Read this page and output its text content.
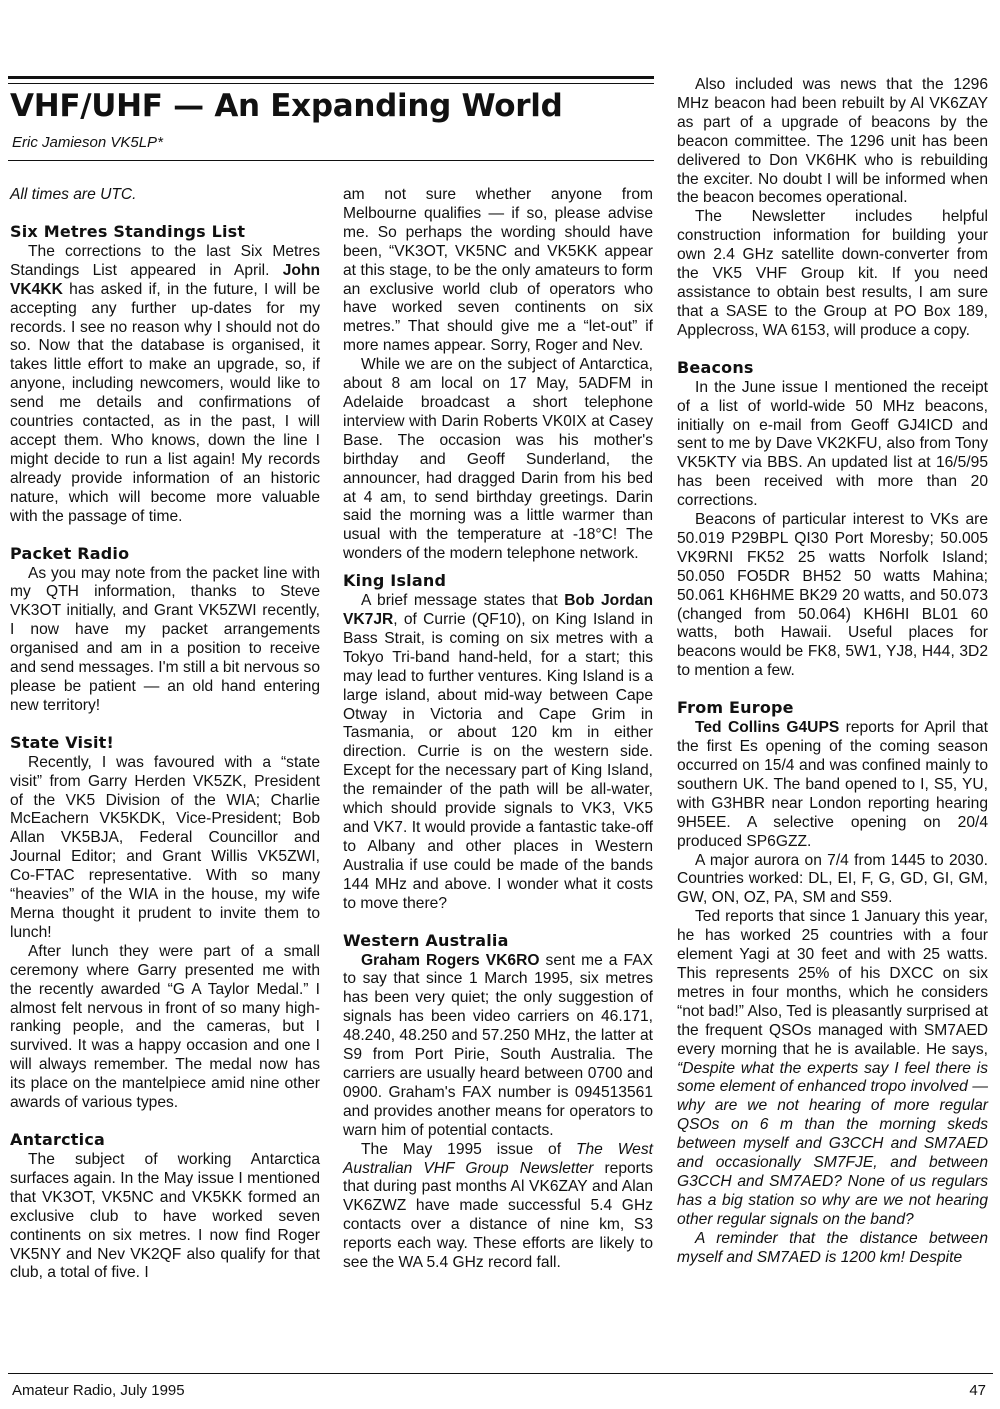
VHF/UHF — An Expanding World
Eric Jamieson VK5LP*

All times are UTC.

Six Metres Standings List

The corrections to the last Six Metres Standings List appeared in April. John VK4KK has asked if, in the future, I will be accepting any further up-dates for my records. I see no reason why I should not do so. Now that the database is organised, it takes little effort to make an upgrade, so, if anyone, including newcomers, would like to send me details and confirmations of countries contacted, as in the past, I will accept them. Who knows, down the line I might decide to run a list again! My records already provide information of an historic nature, which will become more valuable with the passage of time.

Packet Radio

As you may note from the packet line with my QTH information, thanks to Steve VK3OT initially, and Grant VK5ZWI recently, I now have my packet arrangements organised and am in a position to receive and send messages. I'm still a bit nervous so please be patient — an old hand entering new territory!

State Visit!

Recently, I was favoured with a “state visit” from Garry Herden VK5ZK, President of the VK5 Division of the WIA; Charlie McEachern VK5KDK, Vice-President; Bob Allan VK5BJA, Federal Councillor and Journal Editor; and Grant Willis VK5ZWI, Co-FTAC representative. With so many “heavies” of the WIA in the house, my wife Merna thought it prudent to invite them to lunch!

After lunch they were part of a small ceremony where Garry presented me with the recently awarded “G A Taylor Medal.” I almost felt nervous in front of so many high-ranking people, and the cameras, but I survived. It was a happy occasion and one I will always remember. The medal now has its place on the mantelpiece amid nine other awards of various types.

Antarctica

The subject of working Antarctica surfaces again. In the May issue I mentioned that VK3OT, VK5NC and VK5KK formed an exclusive club to have worked seven continents on six metres. I now find Roger VK5NY and Nev VK2QF also qualify for that club, a total of five. I

am not sure whether anyone from Melbourne qualifies — if so, please advise me. So perhaps the wording should have been, “VK3OT, VK5NC and VK5KK appear at this stage, to be the only amateurs to form an exclusive world club of operators who have worked seven continents on six metres.” That should give me a “let-out” if more names appear. Sorry, Roger and Nev.

While we are on the subject of Antarctica, about 8 am local on 17 May, 5ADFM in Adelaide broadcast a short telephone interview with Darin Roberts VK0IX at Casey Base. The occasion was his mother's birthday and Geoff Sunderland, the announcer, had dragged Darin from his bed at 4 am, to send birthday greetings. Darin said the morning was a little warmer than usual with the temperature at -18°C! The wonders of the modern telephone network.

King Island

A brief message states that Bob Jordan VK7JR, of Currie (QF10), on King Island in Bass Strait, is coming on six metres with a Tokyo Tri-band hand-held, for a start; this may lead to further ventures. King Island is a large island, about mid-way between Cape Otway in Victoria and Cape Grim in Tasmania, or about 120 km in either direction. Currie is on the western side. Except for the necessary part of King Island, the remainder of the path will be all-water, which should provide signals to VK3, VK5 and VK7. It would provide a fantastic take-off to Albany and other places in Western Australia if use could be made of the bands 144 MHz and above. I wonder what it costs to move there?

Western Australia

Graham Rogers VK6RO sent me a FAX to say that since 1 March 1995, six metres has been very quiet; the only suggestion of signals has been video carriers on 46.171, 48.240, 48.250 and 57.250 MHz, the latter at S9 from Port Pirie, South Australia. The carriers are usually heard between 0700 and 0900. Graham's FAX number is 094513561 and provides another means for operators to warn him of potential contacts.

The May 1995 issue of The West Australian VHF Group Newsletter reports that during past months Al VK6ZAY and Alan VK6ZWZ have made successful 5.4 GHz contacts over a distance of nine km, S3 reports each way. These efforts are likely to see the WA 5.4 GHz record fall.

Also included was news that the 1296 MHz beacon had been rebuilt by Al VK6ZAY as part of a upgrade of beacons by the beacon committee. The 1296 unit has been delivered to Don VK6HK who is rebuilding the exciter. No doubt I will be informed when the beacon becomes operational.

The Newsletter includes helpful construction information for building your own 2.4 GHz satellite down-converter from the VK5 VHF Group kit. If you need assistance to obtain best results, I am sure that a SASE to the Group at PO Box 189, Applecross, WA 6153, will produce a copy.

Beacons

In the June issue I mentioned the receipt of a list of world-wide 50 MHz beacons, initially on e-mail from Geoff GJ4ICD and sent to me by Dave VK2KFU, also from Tony VK5KTY via BBS. An updated list at 16/5/95 has been received with more than 20 corrections.

Beacons of particular interest to VKs are 50.019 P29BPL QI30 Port Moresby; 50.005 VK9RNI FK52 25 watts Norfolk Island; 50.050 FO5DR BH52 50 watts Mahina; 50.061 KH6HME BK29 20 watts, and 50.073 (changed from 50.064) KH6HI BL01 60 watts, both Hawaii. Useful places for beacons would be FK8, 5W1, YJ8, H44, 3D2 to mention a few.

From Europe

Ted Collins G4UPS reports for April that the first Es opening of the coming season occurred on 15/4 and was confined mainly to southern UK. The band opened to I, S5, YU, with G3HBR near London reporting hearing 9H5EE. A selective opening on 20/4 produced SP6GZZ.

A major aurora on 7/4 from 1445 to 2030. Countries worked: DL, EI, F, G, GD, GI, GM, GW, ON, OZ, PA, SM and S59.

Ted reports that since 1 January this year, he has worked 25 countries with a four element Yagi at 30 feet and with 25 watts. This represents 25% of his DXCC on six metres in four months, which he considers “not bad!” Also, Ted is pleasantly surprised at the frequent QSOs managed with SM7AED every morning that he is available. He says, “Despite what the experts say I feel there is some element of enhanced tropo involved — why are we not hearing of more regular QSOs on 6 m than the morning skeds between myself and G3CCH and SM7AED and occasionally SM7FJE, and between G3CCH and SM7AED? None of us regulars has a big station so why are we not hearing other regular signals on the band?

A reminder that the distance between myself and SM7AED is 1200 km! Despite

Amateur Radio, July 1995	47
